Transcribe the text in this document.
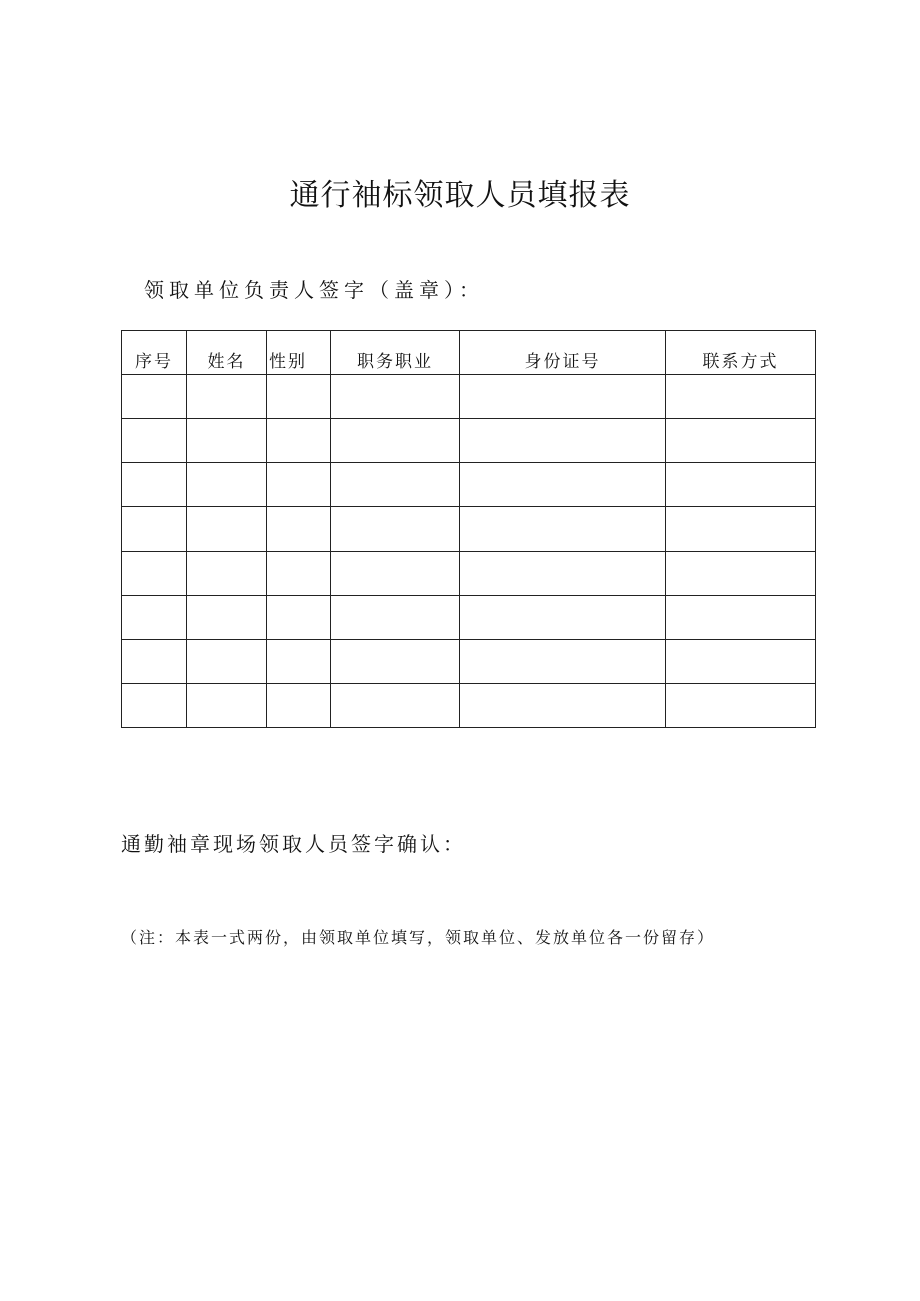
通行袖标领取人员填报表
领取单位负责人签字（盖章）：
序号	姓名	性别	职务职业	身份证号	联系方式

通勤袖章现场领取人员签字确认：
（注：本表一式两份，由领取单位填写，领取单位、发放单位各一份留存）
